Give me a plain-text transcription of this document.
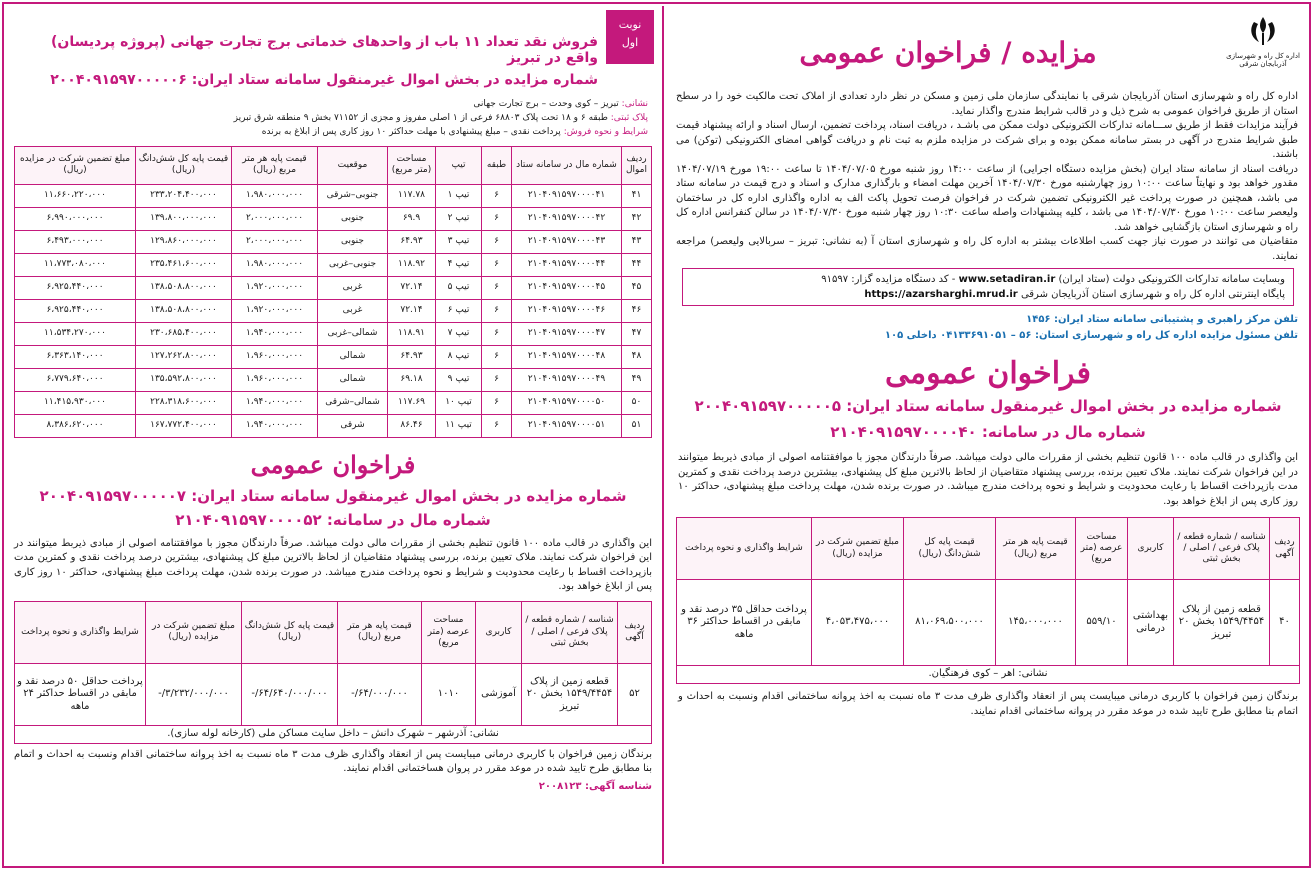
اداره کل راه و شهرسازی
آذربایجان شرقی
مزایده / فراخوان عمومی

اداره کل راه و شهرسازی استان آذربایجان شرقی با نمایندگی سازمان ملی زمین و مسکن در نظر دارد تعدادی از املاک تحت مالکیت خود را در سطح استان از طریق فراخوان عمومی به شرح ذیل و در قالب شرایط مندرج واگذار نماید.

فرآیند مزایدات فقط از طریق ســـامانه تدارکات الکترونیکی دولت ممکن می باشـد ، دریافت اسناد، پرداخت تضمین، ارسال اسناد و ارائه پیشنهاد قیمت طبق شرایط مندرج در آگهی در بستر سامانه ممکن بوده و برای شرکت در مزایده ملزم به ثبت نام و دریافت گواهی امضای الکترونیکی (توکن) می باشند.

دریافت اسناد از سامانه ستاد ایران (بخش مزایده دستگاه اجرایی) از ساعت ۱۴:۰۰ روز شنبه مورخ ۱۴۰۴/۰۷/۰۵ تا ساعت ۱۹:۰۰ مورخ ۱۴۰۴/۰۷/۱۹ مقدور خواهد بود و نهایتاً ساعت ۱۰:۰۰ روز چهارشنبه مورخ ۱۴۰۴/۰۷/۳۰ آخرین مهلت امضاء و بارگذاری مدارک و اسناد و درج قیمت در سامانه ستاد می باشد، همچنین در صورت پرداخت غیر الکترونیکی تضمین شرکت در فراخوان فرصت تحویل پاکت الف به اداره واگذاری اداره کل در ساختمان ولیعصر ساعت ۱۰:۰۰ مورخ ۱۴۰۴/۰۷/۳۰ می باشد ، کلیه پیشنهادات واصله ساعت ۱۰:۳۰ روز چهار شنبه مورخ ۱۴۰۴/۰۷/۳۰ در سالن کنفرانس اداره کل راه و شهرسازی استان بازگشایی خواهد شد.

متقاضیان می توانند در صورت نیاز جهت کسب اطلاعات بیشتر به اداره کل راه و شهرسازی استان آ (به نشانی: تبریز – سربالایی ولیعصر) مراجعه نمایند.

وبسایت سامانه تدارکات الکترونیکی دولت (ستاد ایران) www.setadiran.ir - کد دستگاه مزایده گزار: ۹۱۵۹۷
پایگاه اینترنتی اداره کل راه و شهرسازی استان آذربایجان شرقی https://azarsharghi.mrud.ir
تلفن مرکز راهبری و پشتیبانی سامانه ستاد ایران: ۱۴۵۶
تلفن مسئول مزایده اداره کل راه و شهرسازی استان: ۵۶ – ۰۴۱۳۳۶۹۱۰۵۱ داخلی ۱۰۵
فراخوان عمومی
شماره مزایده در بخش اموال غیرمنقول سامانه ستاد ایران: ۲۰۰۴۰۹۱۵۹۷۰۰۰۰۰۵
شماره مال در سامانه: ۲۱۰۴۰۹۱۵۹۷۰۰۰۰۴۰

این واگذاری در قالب ماده ۱۰۰ قانون تنظیم بخشی از مقررات مالی دولت میباشد. صرفاً دارندگان مجوز با موافقتنامه اصولی از مبادی ذیربط میتوانند در این فراخوان شرکت نمایند. ملاک تعیین برنده، بررسی پیشنهاد متقاضیان از لحاظ بالاترین مبلغ کل پیشنهادی، بیشترین درصد پرداخت نقدی و کمترین مدت بازپرداخت اقساط با رعایت محدودیت و شرایط و نحوه پرداخت مندرج میباشد. در صورت برنده شدن، مهلت پرداخت مبلغ پیشنهادی، حداکثر ۱۰ روز کاری پس از ابلاغ خواهد بود.

ردیف آگهی	شناسه / شماره قطعه / پلاک فرعی / اصلی / بخش ثبتی	کاربری	مساحت عرصه (متر مربع)	قیمت پایه هر متر مربع (ریال)	قیمت پایه کل شش‌دانگ (ریال)	مبلغ تضمین شرکت در مزایده (ریال)	شرایط واگذاری و نحوه پرداخت
۴۰	قطعه زمین از پلاک ۱۵۴۹/۴۴۵۴ بخش ۲۰ تبریز	بهداشتی درمانی	۵۵۹/۱۰	۱۴۵،۰۰۰،۰۰۰	۸۱،۰۶۹،۵۰۰،۰۰۰	۴،۰۵۳،۴۷۵،۰۰۰	پرداخت حداقل ۳۵ درصد نقد و مابقی در اقساط حداکثر ۳۶ ماهه
نشانی: اهر – کوی فرهنگیان.							

برندگان زمین فراخوان با کاربری درمانی میبایست پس از انعقاد واگذاری ظرف مدت ۳ ماه نسبت به اخذ پروانه ساختمانی اقدام ونسبت به احداث و اتمام بنا مطابق طرح تایید شده در موعد مقرر در پروانه ساختمانی اقدام نمایند.

نوبت
اول
فروش نقد تعداد ۱۱ باب از واحدهای خدماتی برج تجارت جهانی (پروژه پردیسان) واقع در تبریز
شماره مزایده در بخش اموال غیرمنقول سامانه ستاد ایران: ۲۰۰۴۰۹۱۵۹۷۰۰۰۰۰۶
نشانی: تبریز – کوی وحدت – برج تجارت جهانی
پلاک ثبتی: طبقه ۶ و ۱۸ تحت پلاک ۶۸۸۰۳ فرعی از ۱ اصلی مفروز و مجزی از ۷۱۱۵۲ بخش ۹ منطقه شرق تبریز
شرایط و نحوه فروش: پرداخت نقدی – مبلغ پیشنهادی با مهلت حداکثر ۱۰ روز کاری پس از ابلاغ به برنده
ردیف اموال	شماره مال در سامانه ستاد	طبقه	تیپ	مساحت (متر مربع)	موقعیت	قیمت پایه هر متر مربع (ریال)	قیمت پایه کل شش‌دانگ (ریال)	مبلغ تضمین شرکت در مزایده (ریال)
۴۱	۲۱۰۴۰۹۱۵۹۷۰۰۰۰۴۱	۶	تیپ ۱	۱۱۷.۷۸	جنوبی–شرقی	۱،۹۸۰،۰۰۰،۰۰۰	۲۳۳،۲۰۴،۴۰۰،۰۰۰	۱۱،۶۶۰،۲۲۰،۰۰۰
۴۲	۲۱۰۴۰۹۱۵۹۷۰۰۰۰۴۲	۶	تیپ ۲	۶۹.۹	جنوبی	۲،۰۰۰،۰۰۰،۰۰۰	۱۳۹،۸۰۰،۰۰۰،۰۰۰	۶،۹۹۰،۰۰۰،۰۰۰
۴۳	۲۱۰۴۰۹۱۵۹۷۰۰۰۰۴۳	۶	تیپ ۳	۶۴.۹۳	جنوبی	۲،۰۰۰،۰۰۰،۰۰۰	۱۲۹،۸۶۰،۰۰۰،۰۰۰	۶،۴۹۳،۰۰۰،۰۰۰
۴۴	۲۱۰۴۰۹۱۵۹۷۰۰۰۰۴۴	۶	تیپ ۴	۱۱۸.۹۲	جنوبی–غربی	۱،۹۸۰،۰۰۰،۰۰۰	۲۳۵،۴۶۱،۶۰۰،۰۰۰	۱۱،۷۷۳،۰۸۰،۰۰۰
۴۵	۲۱۰۴۰۹۱۵۹۷۰۰۰۰۴۵	۶	تیپ ۵	۷۲.۱۴	غربی	۱،۹۲۰،۰۰۰،۰۰۰	۱۳۸،۵۰۸،۸۰۰،۰۰۰	۶،۹۲۵،۴۴۰،۰۰۰
۴۶	۲۱۰۴۰۹۱۵۹۷۰۰۰۰۴۶	۶	تیپ ۶	۷۲.۱۴	غربی	۱،۹۲۰،۰۰۰،۰۰۰	۱۳۸،۵۰۸،۸۰۰،۰۰۰	۶،۹۲۵،۴۴۰،۰۰۰
۴۷	۲۱۰۴۰۹۱۵۹۷۰۰۰۰۴۷	۶	تیپ ۷	۱۱۸.۹۱	شمالی–غربی	۱،۹۴۰،۰۰۰،۰۰۰	۲۳۰،۶۸۵،۴۰۰،۰۰۰	۱۱،۵۳۴،۲۷۰،۰۰۰
۴۸	۲۱۰۴۰۹۱۵۹۷۰۰۰۰۴۸	۶	تیپ ۸	۶۴.۹۳	شمالی	۱،۹۶۰،۰۰۰،۰۰۰	۱۲۷،۲۶۲،۸۰۰،۰۰۰	۶،۳۶۳،۱۴۰،۰۰۰
۴۹	۲۱۰۴۰۹۱۵۹۷۰۰۰۰۴۹	۶	تیپ ۹	۶۹.۱۸	شمالی	۱،۹۶۰،۰۰۰،۰۰۰	۱۳۵،۵۹۲،۸۰۰،۰۰۰	۶،۷۷۹،۶۴۰،۰۰۰
۵۰	۲۱۰۴۰۹۱۵۹۷۰۰۰۰۵۰	۶	تیپ ۱۰	۱۱۷.۶۹	شمالی–شرقی	۱،۹۴۰،۰۰۰،۰۰۰	۲۲۸،۳۱۸،۶۰۰،۰۰۰	۱۱،۴۱۵،۹۳۰،۰۰۰
۵۱	۲۱۰۴۰۹۱۵۹۷۰۰۰۰۵۱	۶	تیپ ۱۱	۸۶.۴۶	شرقی	۱،۹۴۰،۰۰۰،۰۰۰	۱۶۷،۷۷۲،۴۰۰،۰۰۰	۸،۳۸۶،۶۲۰،۰۰۰
فراخوان عمومی
شماره مزایده در بخش اموال غیرمنقول سامانه ستاد ایران: ۲۰۰۴۰۹۱۵۹۷۰۰۰۰۰۷
شماره مال در سامانه: ۲۱۰۴۰۹۱۵۹۷۰۰۰۰۵۲

این واگذاری در قالب ماده ۱۰۰ قانون تنظیم بخشی از مقررات مالی دولت میباشد. صرفاً دارندگان مجوز با موافقتنامه اصولی از مبادی ذیربط میتوانند در این فراخوان شرکت نمایند. ملاک تعیین برنده، بررسی پیشنهاد متقاضیان از لحاظ بالاترین مبلغ کل پیشنهادی، بیشترین درصد پرداخت نقدی و کمترین مدت بازپرداخت اقساط با رعایت محدودیت و شرایط و نحوه پرداخت مندرج میباشد. در صورت برنده شدن، مهلت پرداخت مبلغ پیشنهادی، حداکثر ۱۰ روز کاری پس از ابلاغ خواهد بود.

ردیف آگهی	شناسه / شماره قطعه / پلاک فرعی / اصلی / بخش ثبتی	کاربری	مساحت عرصه (متر مربع)	قیمت پایه هر متر مربع (ریال)	قیمت پایه کل شش‌دانگ (ریال)	مبلغ تضمین شرکت در مزایده (ریال)	شرایط واگذاری و نحوه پرداخت
۵۲	قطعه زمین از پلاک ۱۵۴۹/۴۴۵۴ بخش ۲۰ تبریز	آموزشی	۱۰۱۰	۶۴/۰۰۰/۰۰۰/-	۶۴/۶۴۰/۰۰۰/۰۰۰/-	۳/۲۳۲/۰۰۰/۰۰۰/-	پرداخت حداقل ۵۰ درصد نقد و مابقی در اقساط حداکثر ۲۴ ماهه
نشانی: آذرشهر – شهرک دانش – داخل سایت مساکن ملی (کارخانه لوله سازی).							

برندگان زمین فراخوان با کاربری درمانی میبایست پس از انعقاد واگذاری ظرف مدت ۳ ماه نسبت به اخذ پروانه ساختمانی اقدام ونسبت به احداث و اتمام بنا مطابق طرح تایید شده در موعد مقرر در پروان هساختمانی اقدام نمایند.

شناسه آگهی: ۲۰۰۸۱۲۳
